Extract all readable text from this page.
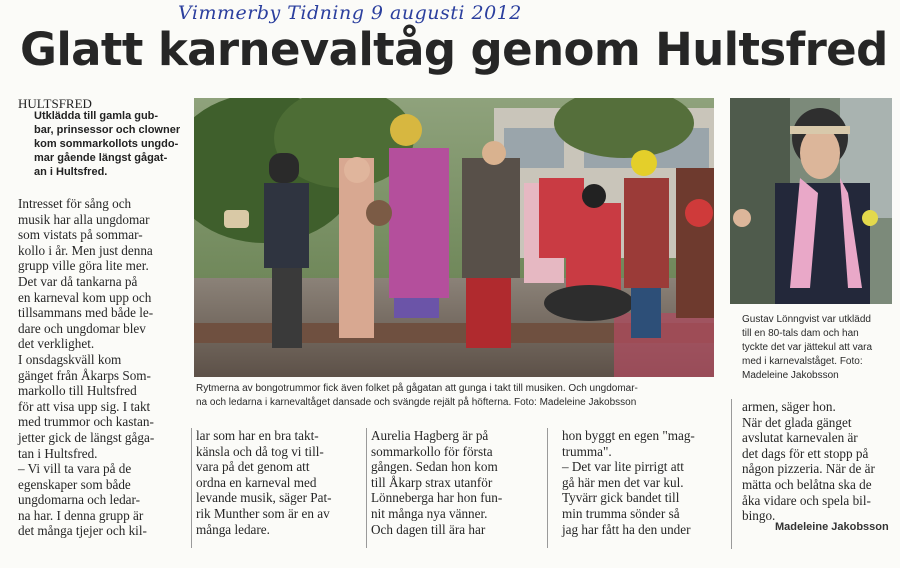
Vimmerby Tidning 9 augusti 2012
Glatt karnevaltåg genom Hultsfred
HULTSFRED
Utklädda till gamla gub-
bar, prinsessor och clowner
kom sommarkollots ungdo-
mar gående längst gågat-
an i Hultsfred.
Intresset för sång och
musik har alla ungdomar
som vistats på sommar-
kollo i år. Men just denna
grupp ville göra lite mer.
Det var då tankarna på
en karneval kom upp och
tillsammans med både le-
dare och ungdomar blev
det verklighet.
I onsdagskväll kom
gänget från Åkarps Som-
markollo till Hultsfred
för att visa upp sig. I takt
med trummor och kastan-
jetter gick de längst gåga-
tan i Hultsfred.
– Vi vill ta vara på de
egenskaper som både
ungdomarna och ledar-
na har. I denna grupp är
det många tjejer och kil-
Rytmerna av bongotrummor fick även folket på gågatan att gunga i takt till musiken. Och ungdomar-
na och ledarna i karnevaltåget dansade och svängde rejält på höfterna. Foto: Madeleine Jakobsson
Gustav Lönngvist var utklädd
till en 80-tals dam och han
tyckte det var jättekul att vara
med i karnevalståget. Foto:
Madeleine Jakobsson
lar som har en bra takt-
känsla och då tog vi till-
vara på det genom att
ordna en karneval med
levande musik, säger Pat-
rik Munther som är en av
många ledare.
Aurelia Hagberg är på
sommarkollo för första
gången. Sedan hon kom
till Åkarp strax utanför
Lönneberga har hon fun-
nit många nya vänner.
Och dagen till ära har
hon byggt en egen "mag-
trumma".
– Det var lite pirrigt att
gå här men det var kul.
Tyvärr gick bandet till
min trumma sönder så
jag har fått ha den under
armen, säger hon.
När det glada gänget
avslutat karnevalen är
det dags för ett stopp på
någon pizzeria. När de är
mätta och belåtna ska de
åka vidare och spela bil-
bingo.
Madeleine Jakobsson
